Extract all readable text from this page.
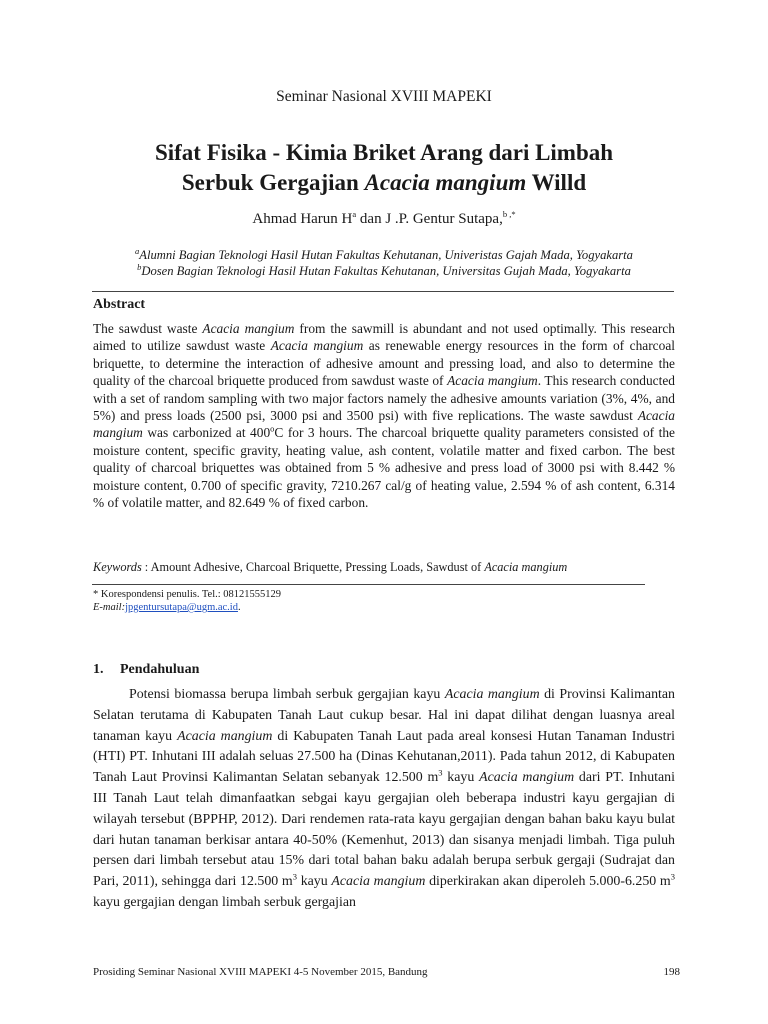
Seminar Nasional XVIII MAPEKI
Sifat Fisika - Kimia Briket Arang dari Limbah
Serbuk Gergajian Acacia mangium Willd
Ahmad Harun $H^a$ dan J .P. Gentur Sutapa,$^{b ,*}$
$^a$Alumni Bagian Teknologi Hasil Hutan Fakultas Kehutanan, Univeristas Gajah Mada, Yogyakarta
$^b$Dosen Bagian Teknologi Hasil Hutan Fakultas Kehutanan, Universitas Gujah Mada, Yogyakarta
Abstract

The sawdust waste Acacia mangium from the sawmill is abundant and not used optimally. This research aimed to utilize sawdust waste Acacia mangium as renewable energy resources in the form of charcoal briquette, to determine the interaction of adhesive amount and pressing load, and also to determine the quality of the charcoal briquette produced from sawdust waste of Acacia mangium. This research conducted with a set of random sampling with two major factors namely the adhesive amounts variation (3%, 4%, and 5%) and press loads (2500 psi, 3000 psi and 3500 psi) with five replications. The waste sawdust Acacia mangium was carbonized at 400$^o$C for 3 hours. The charcoal briquette quality parameters consisted of the moisture content, specific gravity, heating value, ash content, volatile matter and fixed carbon. The best quality of charcoal briquettes was obtained from 5 % adhesive and press load of 3000 psi with 8.442 % moisture content, 0.700 of specific gravity, 7210.267 cal/g of heating value, 2.594 % of ash content, 6.314 % of volatile matter, and 82.649 % of fixed carbon.

Keywords : Amount Adhesive, Charcoal Briquette, Pressing Loads, Sawdust of Acacia mangium
* Korespondensi penulis. Tel.: 08121555129
E-mail:jpgentursutapa@ugm.ac.id.
1. Pendahuluan

Potensi biomassa berupa limbah serbuk gergajian kayu Acacia mangium di Provinsi Kalimantan Selatan terutama di Kabupaten Tanah Laut cukup besar. Hal ini dapat dilihat dengan luasnya areal tanaman kayu Acacia mangium di Kabupaten Tanah Laut pada areal konsesi Hutan Tanaman Industri (HTI) PT. Inhutani III adalah seluas 27.500 ha (Dinas Kehutanan,2011). Pada tahun 2012, di Kabupaten Tanah Laut Provinsi Kalimantan Selatan sebanyak 12.500 $m^3$ kayu Acacia mangium dari PT. Inhutani III Tanah Laut telah dimanfaatkan sebgai kayu gergajian oleh beberapa industri kayu gergajian di wilayah tersebut (BPPHP, 2012). Dari rendemen rata-rata kayu gergajian dengan bahan baku kayu bulat dari hutan tanaman berkisar antara 40-50% (Kemenhut, 2013) dan sisanya menjadi limbah. Tiga puluh persen dari limbah tersebut atau 15% dari total bahan baku adalah berupa serbuk gergaji (Sudrajat dan Pari, 2011), sehingga dari 12.500 $m^3$ kayu Acacia mangium diperkirakan akan diperoleh 5.000-6.250 $m^3$ kayu gergajian dengan limbah serbuk gergajian

Prosiding Seminar Nasional XVIII MAPEKI 4-5 November 2015, Bandung	198
